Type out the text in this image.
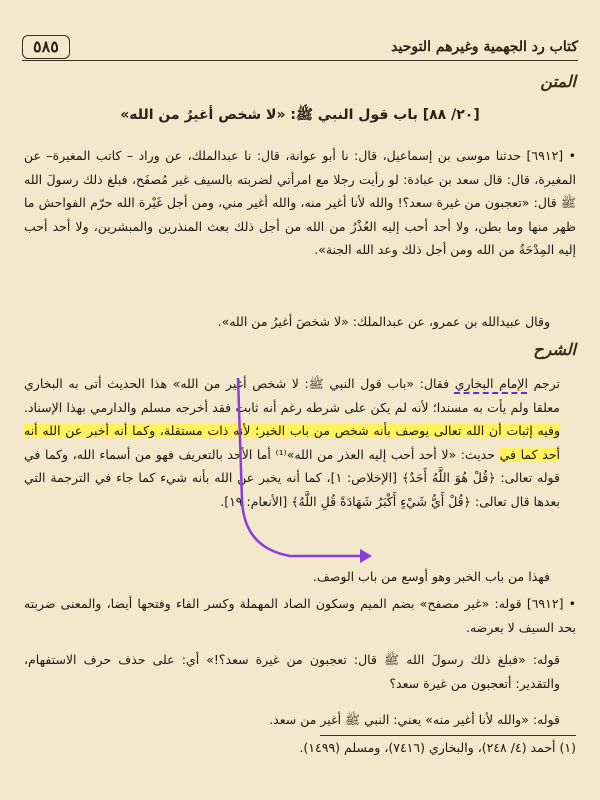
٥٨٥	كتاب رد الجهمية وغيرهم التوحيد
المتن
[٢٠/ ٨٨] باب قول النبي ﷺ: «لا شخص أغيرُ من الله»
• [٦٩١٢] حدثنا موسى بن إسماعيل، قال: نا أبو عوانة، قال: نا عبدالملك، عن وراد – كاتب المغيرة– عن المغيرة، قال: قال سعد بن عبادة: لو رأيت رجلا مع امرأتي لضربته بالسيف غير مُصفَح، فبلغ ذلك رسولَ الله ﷺ قال: «تعجبون من غيرة سعد؟! والله لأنا أغير منه، والله أغير مني، ومن أجل غَيْرة الله حرّم الفواحش ما ظهر منها وما بطن، ولا أحد أحب إليه العُذْرُ من الله من أجل ذلك بعث المنذرين والمبشرين، ولا أحد أحب إليه المِدْحَةُ من الله ومن أجل ذلك وعد الله الجنة».
وقال عبيدالله بن عمرو، عن عبدالملك: «لا شخصَ أغيرُ من الله».
الشرح
ترجم الإمام البخاري فقال: «باب قول النبي ﷺ: لا شخص أغير من الله» هذا الحديث أتى به البخاري معلقا ولم يأت به مسندا؛ لأنه لم يكن على شرطه رغم أنه ثابت فقد أخرجه مسلم والدارمي بهذا الإسناد. وفيه إثبات أن الله تعالى يوصف بأنه شخص من باب الخبر؛ لأنه ذات مستقلة، وكما أنه أخبر عن الله أنه أحد كما في حديث: «لا أحد أحب إليه العذر من الله»⁽¹⁾ أما الأحد بالتعريف فهو من أسماء الله، وكما في قوله تعالى: ﴿قُلْ هُوَ اللَّهُ أَحَدٌ﴾ [الإخلاص: ١]، كما أنه يخبر عن الله بأنه شيء كما جاء في الترجمة التي بعدها قال تعالى: ﴿قُلْ أَيُّ شَيْءٍ أَكْبَرُ شَهَادَةً قُلِ اللَّهُ﴾ [الأنعام: ١٩].
فهذا من باب الخبر وهو أوسع من باب الوصف.
• [٦٩١٢] قوله: «غير مصفح» بضم الميم وسكون الصاد المهملة وكسر الفاء وفتحها أيضا، والمعنى ضربته بحد السيف لا بعرضه.
قوله: «فبلغ ذلك رسولَ الله ﷺ قال: تعجبون من غيرة سعد؟!» أي: على حذف حرف الاستفهام، والتقدير: أتعجبون من غيرة سعد؟
قوله: «والله لأنا أغير منه» يعني: النبي ﷺ أغير من سعد.
(١) أحمد (٤/ ٢٤٨)، والبخاري (٧٤١٦)، ومسلم (١٤٩٩).
